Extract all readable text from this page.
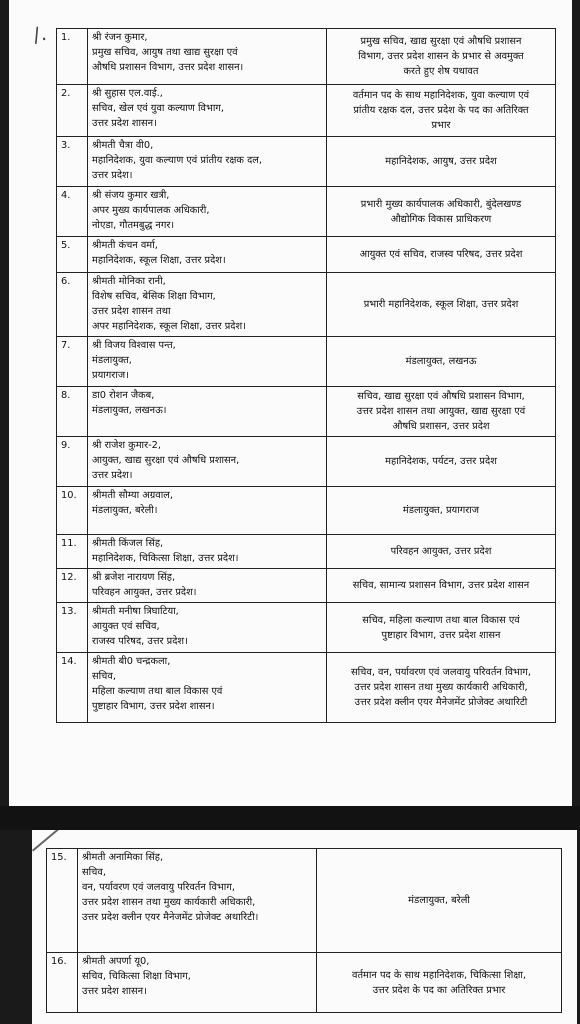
/. 1.	श्री रंजन कुमार,
प्रमुख सचिव, आयुष तथा खाद्य सुरक्षा एवं
औषधि प्रशासन विभाग, उत्तर प्रदेश शासन।	प्रमुख सचिव, खाद्य सुरक्षा एवं औषधि प्रशासन
विभाग, उत्तर प्रदेश शासन के प्रभार से अवमुक्त
करते हुए शेष यथावत

2.	श्री सुहास एल.वाई.,
सचिव, खेल एवं युवा कल्याण विभाग,
उत्तर प्रदेश शासन।	वर्तमान पद के साथ महानिदेशक, युवा कल्याण एवं
प्रांतीय रक्षक दल, उत्तर प्रदेश के पद का अतिरिक्त
प्रभार

3.	श्रीमती चैत्रा वी0,
महानिदेशक, युवा कल्याण एवं प्रांतीय रक्षक दल,
उत्तर प्रदेश।	महानिदेशक, आयुष, उत्तर प्रदेश

4.	श्री संजय कुमार खत्री,
अपर मुख्य कार्यपालक अधिकारी,
नोएडा, गौतमबुद्ध नगर।	प्रभारी मुख्य कार्यपालक अधिकारी, बुंदेलखण्ड
औद्योगिक विकास प्राधिकरण

5.	श्रीमती कंचन वर्मा,
महानिदेशक, स्कूल शिक्षा, उत्तर प्रदेश।	आयुक्त एवं सचिव, राजस्व परिषद, उत्तर प्रदेश

6.	श्रीमती मोनिका रानी,
विशेष सचिव, बेसिक शिक्षा विभाग,
उत्तर प्रदेश शासन तथा
अपर महानिदेशक, स्कूल शिक्षा, उत्तर प्रदेश।	प्रभारी महानिदेशक, स्कूल शिक्षा, उत्तर प्रदेश

7.	श्री विजय विश्वास पन्त,
मंडलायुक्त,
प्रयागराज।	मंडलायुक्त, लखनऊ

8.	डा0 रोशन जैकब,
मंडलायुक्त, लखनऊ।	सचिव, खाद्य सुरक्षा एवं औषधि प्रशासन विभाग,
उत्तर प्रदेश शासन तथा आयुक्त, खाद्य सुरक्षा एवं
औषधि प्रशासन, उत्तर प्रदेश

9.	श्री राजेश कुमार-2,
आयुक्त, खाद्य सुरक्षा एवं औषधि प्रशासन,
उत्तर प्रदेश।	महानिदेशक, पर्यटन, उत्तर प्रदेश

10.	श्रीमती सौम्या अग्रवाल,
मंडलायुक्त, बरेली।	मंडलायुक्त, प्रयागराज

11.	श्रीमती किंजल सिंह,
महानिदेशक, चिकित्सा शिक्षा, उत्तर प्रदेश।	परिवहन आयुक्त, उत्तर प्रदेश

12.	श्री ब्रजेश नारायण सिंह,
परिवहन आयुक्त, उत्तर प्रदेश।	सचिव, सामान्य प्रशासन विभाग, उत्तर प्रदेश शासन

13.	श्रीमती मनीषा त्रिघाटिया,
आयुक्त एवं सचिव,
राजस्व परिषद, उत्तर प्रदेश।	सचिव, महिला कल्याण तथा बाल विकास एवं
पुष्टाहार विभाग, उत्तर प्रदेश शासन

14.	श्रीमती बी0 चन्द्रकला,
सचिव,
महिला कल्याण तथा बाल विकास एवं
पुष्टाहार विभाग, उत्तर प्रदेश शासन।	सचिव, वन, पर्यावरण एवं जलवायु परिवर्तन विभाग,
उत्तर प्रदेश शासन तथा मुख्य कार्यकारी अधिकारी,
उत्तर प्रदेश क्लीन एयर मैनेजमेंट प्रोजेक्ट अथारिटी
15.	श्रीमती अनामिका सिंह,
सचिव,
वन, पर्यावरण एवं जलवायु परिवर्तन विभाग,
उत्तर प्रदेश शासन तथा मुख्य कार्यकारी अधिकारी,
उत्तर प्रदेश क्लीन एयर मैनेजमेंट प्रोजेक्ट अथारिटी।	मंडलायुक्त, बरेली

16.	श्रीमती अपर्णा यू0,
सचिव, चिकित्सा शिक्षा विभाग,
उत्तर प्रदेश शासन।	वर्तमान पद के साथ महानिदेशक, चिकित्सा शिक्षा,
उत्तर प्रदेश के पद का अतिरिक्त प्रभार
